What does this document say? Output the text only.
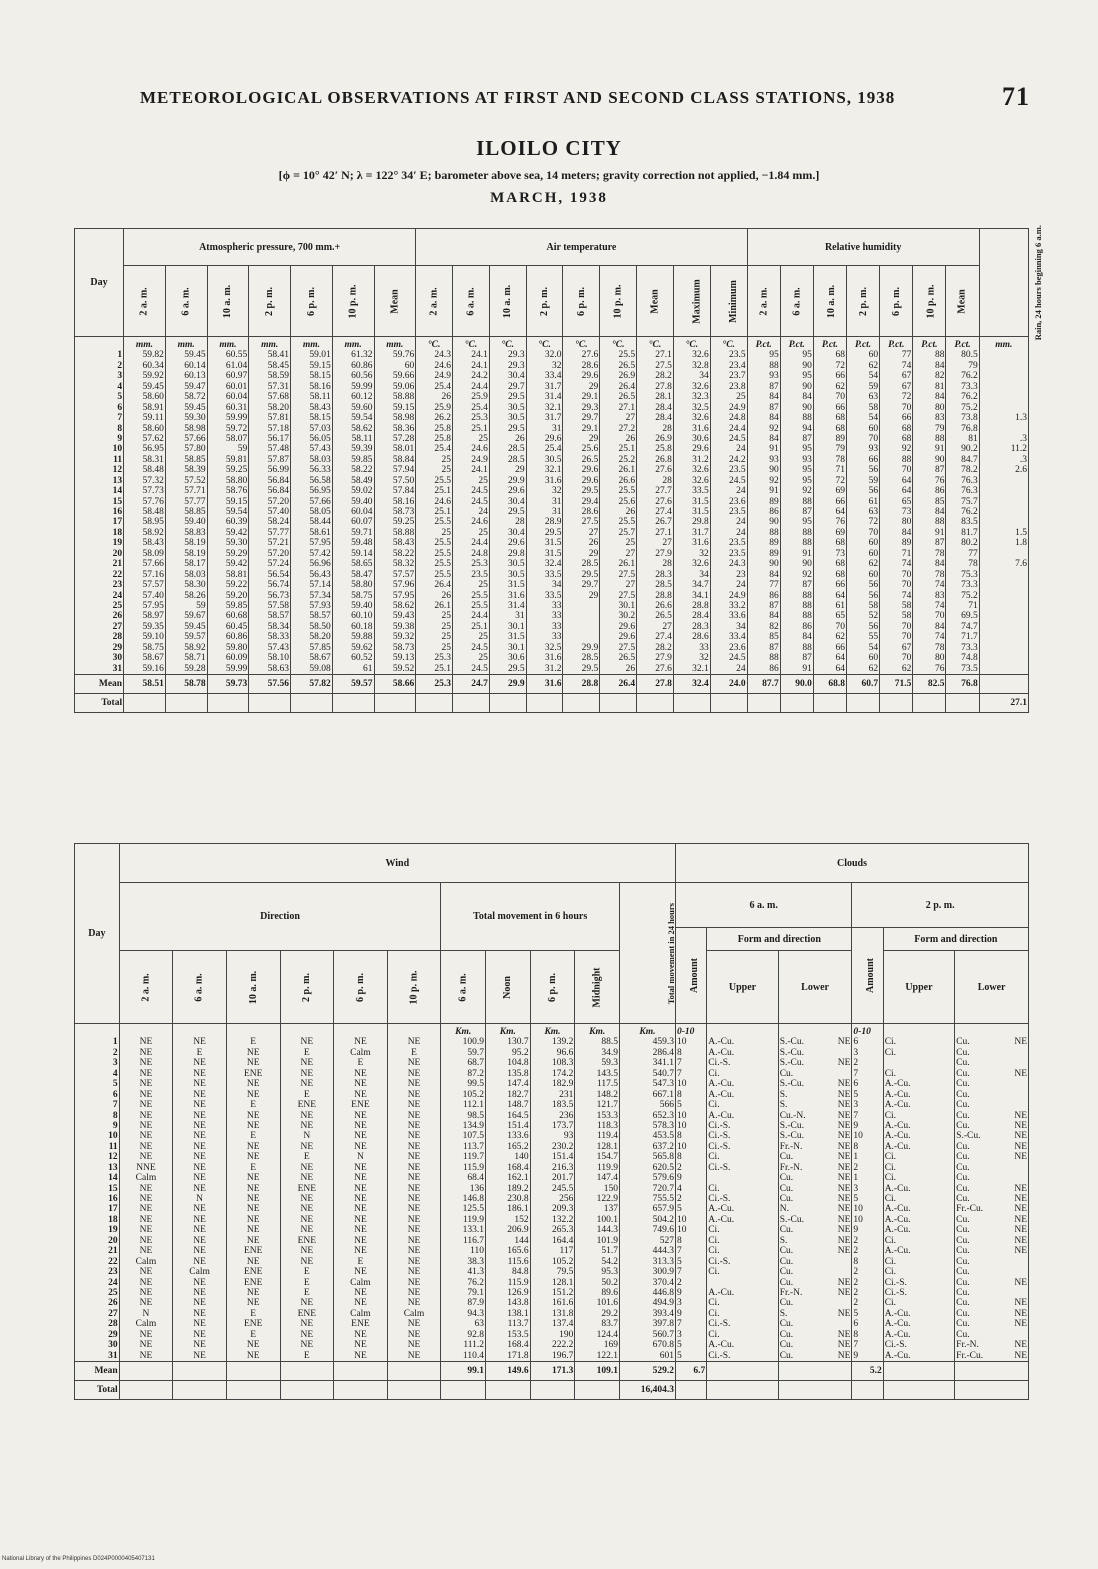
METEOROLOGICAL OBSERVATIONS AT FIRST AND SECOND CLASS STATIONS, 1938	71
ILOILO CITY
[ϕ = 10° 42′ N; λ = 122° 34′ E; barometer above sea, 14 meters; gravity correction not applied, −1.84 mm.]
MARCH, 1938
Day	Atmospheric pressure, 700 mm.+							Air temperature									Relative humidity							Rain, 24 hours beginning 6 a.m.
	2 a. m.	6 a. m.	10 a. m.	2 p. m.	6 p. m.	10 p. m.	Mean	2 a. m.	6 a. m.	10 a. m.	2 p. m.	6 p. m.	10 p. m.	Mean	Maximum	Minimum	2 a. m.	6 a. m.	10 a. m.	2 p. m.	6 p. m.	10 p. m.	Mean	
	mm.	mm.	mm.	mm.	mm.	mm.	mm.	°C.	°C.	°C.	°C.	°C.	°C.	°C.	°C.	°C.	P.ct.	P.ct.	P.ct.	P.ct.	P.ct.	P.ct.	P.ct.	mm.
1	59.82	59.45	60.55	58.41	59.01	61.32	59.76	24.3	24.1	29.3	32.0	27.6	25.5	27.1	32.6	23.5	95	95	68	60	77	88	80.5	
2	60.34	60.14	61.04	58.45	59.15	60.86	60	24.6	24.1	29.3	32	28.6	26.5	27.5	32.8	23.4	88	90	72	62	74	84	79	
3	59.92	60.13	60.97	58.59	58.15	60.56	59.66	24.9	24.2	30.4	33.4	29.6	26.9	28.2	34	23.7	93	95	66	54	67	82	76.2	
4	59.45	59.47	60.01	57.31	58.16	59.99	59.06	25.4	24.4	29.7	31.7	29	26.4	27.8	32.6	23.8	87	90	62	59	67	81	73.3	
5	58.60	58.72	60.04	57.68	58.11	60.12	58.88	26	25.9	29.5	31.4	29.1	26.5	28.1	32.3	25	84	84	70	63	72	84	76.2	
6	58.91	59.45	60.31	58.20	58.43	59.60	59.15	25.9	25.4	30.5	32.1	29.3	27.1	28.4	32.5	24.9	87	90	66	58	70	80	75.2	
7	59.11	59.30	59.99	57.81	58.15	59.54	58.98	26.2	25.3	30.5	31.7	29.7	27	28.4	32.6	24.8	84	88	68	54	66	83	73.8	1.3
8	58.60	58.98	59.72	57.18	57.03	58.62	58.36	25.8	25.1	29.5	31	29.1	27.2	28	31.6	24.4	92	94	68	60	68	79	76.8	
9	57.62	57.66	58.07	56.17	56.05	58.11	57.28	25.8	25	26	29.6	29	26	26.9	30.6	24.5	84	87	89	70	68	88	81	.3
10	56.95	57.80	59	57.48	57.43	59.39	58.01	25.4	24.6	28.5	25.4	25.6	25.1	25.8	29.6	24	91	95	79	93	92	91	90.2	11.2
11	58.31	58.85	59.81	57.87	58.03	59.85	58.84	25	24.9	28.5	30.5	26.5	25.2	26.8	31.2	24.2	93	93	78	66	88	90	84.7	.3
12	58.48	58.39	59.25	56.99	56.33	58.22	57.94	25	24.1	29	32.1	29.6	26.1	27.6	32.6	23.5	90	95	71	56	70	87	78.2	2.6
13	57.32	57.52	58.80	56.84	56.58	58.49	57.50	25.5	25	29.9	31.6	29.6	26.6	28	32.6	24.5	92	95	72	59	64	76	76.3	
14	57.73	57.71	58.76	56.84	56.95	59.02	57.84	25.1	24.5	29.6	32	29.5	25.5	27.7	33.5	24	91	92	69	56	64	86	76.3	
15	57.76	57.77	59.15	57.20	57.66	59.40	58.16	24.6	24.5	30.4	31	29.4	25.6	27.6	31.5	23.6	89	88	66	61	65	85	75.7	
16	58.48	58.85	59.54	57.40	58.05	60.04	58.73	25.1	24	29.5	31	28.6	26	27.4	31.5	23.5	86	87	64	63	73	84	76.2	
17	58.95	59.40	60.39	58.24	58.44	60.07	59.25	25.5	24.6	28	28.9	27.5	25.5	26.7	29.8	24	90	95	76	72	80	88	83.5	
18	58.92	58.83	59.42	57.77	58.61	59.71	58.88	25	25	30.4	29.5	27	25.7	27.1	31.7	24	88	88	69	70	84	91	81.7	1.5
19	58.43	58.19	59.30	57.21	57.95	59.48	58.43	25.5	24.4	29.6	31.5	26	25	27	31.6	23.5	89	88	68	60	89	87	80.2	1.8
20	58.09	58.19	59.29	57.20	57.42	59.14	58.22	25.5	24.8	29.8	31.5	29	27	27.9	32	23.5	89	91	73	60	71	78	77	
21	57.66	58.17	59.42	57.24	56.96	58.65	58.32	25.5	25.3	30.5	32.4	28.5	26.1	28	32.6	24.3	90	90	68	62	74	84	78	7.6
22	57.16	58.03	58.81	56.54	56.43	58.47	57.57	25.5	23.5	30.5	33.5	29.5	27.5	28.3	34	23	84	92	68	60	70	78	75.3	
23	57.57	58.30	59.22	56.74	57.14	58.80	57.96	26.4	25	31.5	34	29.7	27	28.5	34.7	24	77	87	66	56	70	74	73.3	
24	57.40	58.26	59.20	56.73	57.34	58.75	57.95	26	25.5	31.6	33.5	29	27.5	28.8	34.1	24.9	86	88	64	56	74	83	75.2	
25	57.95	59	59.85	57.58	57.93	59.40	58.62	26.1	25.5	31.4	33		30.1	26.6	28.8	33.2	87	88	61	58	58	74	71	
26	58.97	59.67	60.68	58.57	58.57	60.10	59.43	25	24.4	31	33		30.2	26.5	28.4	33.6	84	88	65	52	58	70	69.5	
27	59.35	59.45	60.45	58.34	58.50	60.18	59.38	25	25.1	30.1	33		29.6	27	28.3	34	82	86	70	56	70	84	74.7	
28	59.10	59.57	60.86	58.33	58.20	59.88	59.32	25	25	31.5	33		29.6	27.4	28.6	33.4	85	84	62	55	70	74	71.7	
29	58.75	58.92	59.80	57.43	57.85	59.62	58.73	25	24.5	30.1	32.5	29.9	27.5	28.2	33	23.6	87	88	66	54	67	78	73.3	
30	58.67	58.71	60.09	58.10	58.67	60.52	59.13	25.3	25	30.6	31.6	28.5	26.5	27.9	32	24.5	88	87	64	60	70	80	74.8	
31	59.16	59.28	59.99	58.63	59.08	61	59.52	25.1	24.5	29.5	31.2	29.5	26	27.6	32.1	24	86	91	64	62	62	76	73.5	
Mean	58.51	58.78	59.73	57.56	57.82	59.57	58.66	25.3	24.7	29.9	31.6	28.8	26.4	27.8	32.4	24.0	87.7	90.0	68.8	60.7	71.5	82.5	76.8	
Total																								27.1
Day	Wind											Clouds					
	Direction						Total movement in 6 hours				Total movement in 24 hours	6 a. m.			2 p. m.		
												Amount	Form and direction		Amount	Form and direction	
	2 a. m.	6 a. m.	10 a. m.	2 p. m.	6 p. m.	10 p. m.	6 a. m.	Noon	6 p. m.	Midnight			Upper	Lower		Upper	Lower
							Km.	Km.	Km.	Km.	Km.	0-10			0-10		
1	NE	NE	E	NE	NE	NE	100.9	130.7	139.2	88.5	459.3	10	A.-Cu.	S.-Cu. NE	6	Ci.	Cu. NE

2	NE	E	NE	E	Calm	E	59.7	95.2	96.6	34.9	286.4	8	A.-Cu.	S.-Cu.	3	Ci.	Cu.

3	NE	NE	NE	NE	E	NE	68.7	104.8	108.3	59.3	341.1	7	Ci.-S.	S.-Cu. NE	2		Cu.

4	NE	NE	ENE	NE	NE	NE	87.2	135.8	174.2	143.5	540.7	7	Ci.	Cu.	7	Ci.	Cu. NE

5	NE	NE	NE	NE	NE	NE	99.5	147.4	182.9	117.5	547.3	10	A.-Cu.	S.-Cu. NE	6	A.-Cu.	Cu.

6	NE	NE	NE	E	NE	NE	105.2	182.7	231	148.2	667.1	8	A.-Cu.	S. NE	5	A.-Cu.	Cu.

7	NE	NE	E	ENE	ENE	NE	112.1	148.7	183.5	121.7	566	5	Ci.	S. NE	3	A.-Cu.	Cu.

8	NE	NE	NE	NE	NE	NE	98.5	164.5	236	153.3	652.3	10	A.-Cu.	Cu.-N. NE	7	Ci.	Cu. NE

9	NE	NE	NE	NE	NE	NE	134.9	151.4	173.7	118.3	578.3	10	Ci.-S.	S.-Cu. NE	9	A.-Cu.	Cu. NE

10	NE	NE	E	N	NE	NE	107.5	133.6	93	119.4	453.5	8	Ci.-S.	S.-Cu. NE	10	A.-Cu.	S.-Cu. NE

11	NE	NE	NE	NE	NE	NE	113.7	165.2	230.2	128.1	637.2	10	Ci.-S.	Fr.-N. NE	8	A.-Cu.	Cu. NE

12	NE	NE	NE	E	N	NE	119.7	140	151.4	154.7	565.8	8	Ci.	Cu. NE	1	Ci.	Cu. NE

13	NNE	NE	E	NE	NE	NE	115.9	168.4	216.3	119.9	620.5	2	Ci.-S.	Fr.-N. NE	2	Ci.	Cu.

14	Calm	NE	NE	NE	NE	NE	68.4	162.1	201.7	147.4	579.6	9		Cu. NE	1	Ci.	Cu.

15	NE	NE	NE	ENE	NE	NE	136	189.2	245.5	150	720.7	4	Ci.	Cu. NE	3	A.-Cu.	Cu. NE

16	NE	N	NE	NE	NE	NE	146.8	230.8	256	122.9	755.5	2	Ci.-S.	Cu. NE	5	Ci.	Cu. NE

17	NE	NE	NE	NE	NE	NE	125.5	186.1	209.3	137	657.9	5	A.-Cu.	N. NE	10	A.-Cu.	Fr.-Cu. NE

18	NE	NE	NE	NE	NE	NE	119.9	152	132.2	100.1	504.2	10	A.-Cu.	S.-Cu. NE	10	A.-Cu.	Cu. NE

19	NE	NE	NE	NE	NE	NE	133.1	206.9	265.3	144.3	749.6	10	Ci.	Cu. NE	9	A.-Cu.	Cu. NE

20	NE	NE	NE	ENE	NE	NE	116.7	144	164.4	101.9	527	8	Ci.	S. NE	2	Ci.	Cu. NE

21	NE	NE	ENE	NE	NE	NE	110	165.6	117	51.7	444.3	7	Ci.	Cu. NE	2	A.-Cu.	Cu. NE

22	Calm	NE	NE	NE	E	NE	38.3	115.6	105.2	54.2	313.3	5	Ci.-S.	Cu.	8	Ci.	Cu.

23	NE	Calm	ENE	E	NE	NE	41.3	84.8	79.5	95.3	300.9	7	Ci.	Cu.	2	Ci.	Cu.

24	NE	NE	ENE	E	Calm	NE	76.2	115.9	128.1	50.2	370.4	2		Cu. NE	2	Ci.-S.	Cu. NE

25	NE	NE	NE	E	NE	NE	79.1	126.9	151.2	89.6	446.8	9	A.-Cu.	Fr.-N. NE	2	Ci.-S.	Cu.

26	NE	NE	NE	NE	NE	NE	87.9	143.8	161.6	101.6	494.9	3	Ci.	Cu.	2	Ci.	Cu. NE

27	N	NE	E	ENE	Calm	Calm	94.3	138.1	131.8	29.2	393.4	9	Ci.	S. NE	5	A.-Cu.	Cu. NE

28	Calm	NE	ENE	NE	ENE	NE	63	113.7	137.4	83.7	397.8	7	Ci.-S.	Cu.	6	A.-Cu.	Cu. NE

29	NE	NE	E	NE	NE	NE	92.8	153.5	190	124.4	560.7	3	Ci.	Cu. NE	8	A.-Cu.	Cu.

30	NE	NE	NE	NE	NE	NE	111.2	168.4	222.2	169	670.8	5	A.-Cu.	Cu. NE	7	Ci.-S.	Fr.-N. NE

31	NE	NE	NE	E	NE	NE	110.4	171.8	196.7	122.1	601	5	Ci.-S.	Cu. NE	9	A.-Cu.	Fr.-Cu. NE

Mean							99.1	149.6	171.3	109.1	529.2	6.7			5.2		
Total											16,404.3						
National Library of the Philippines D024P0000405407131
